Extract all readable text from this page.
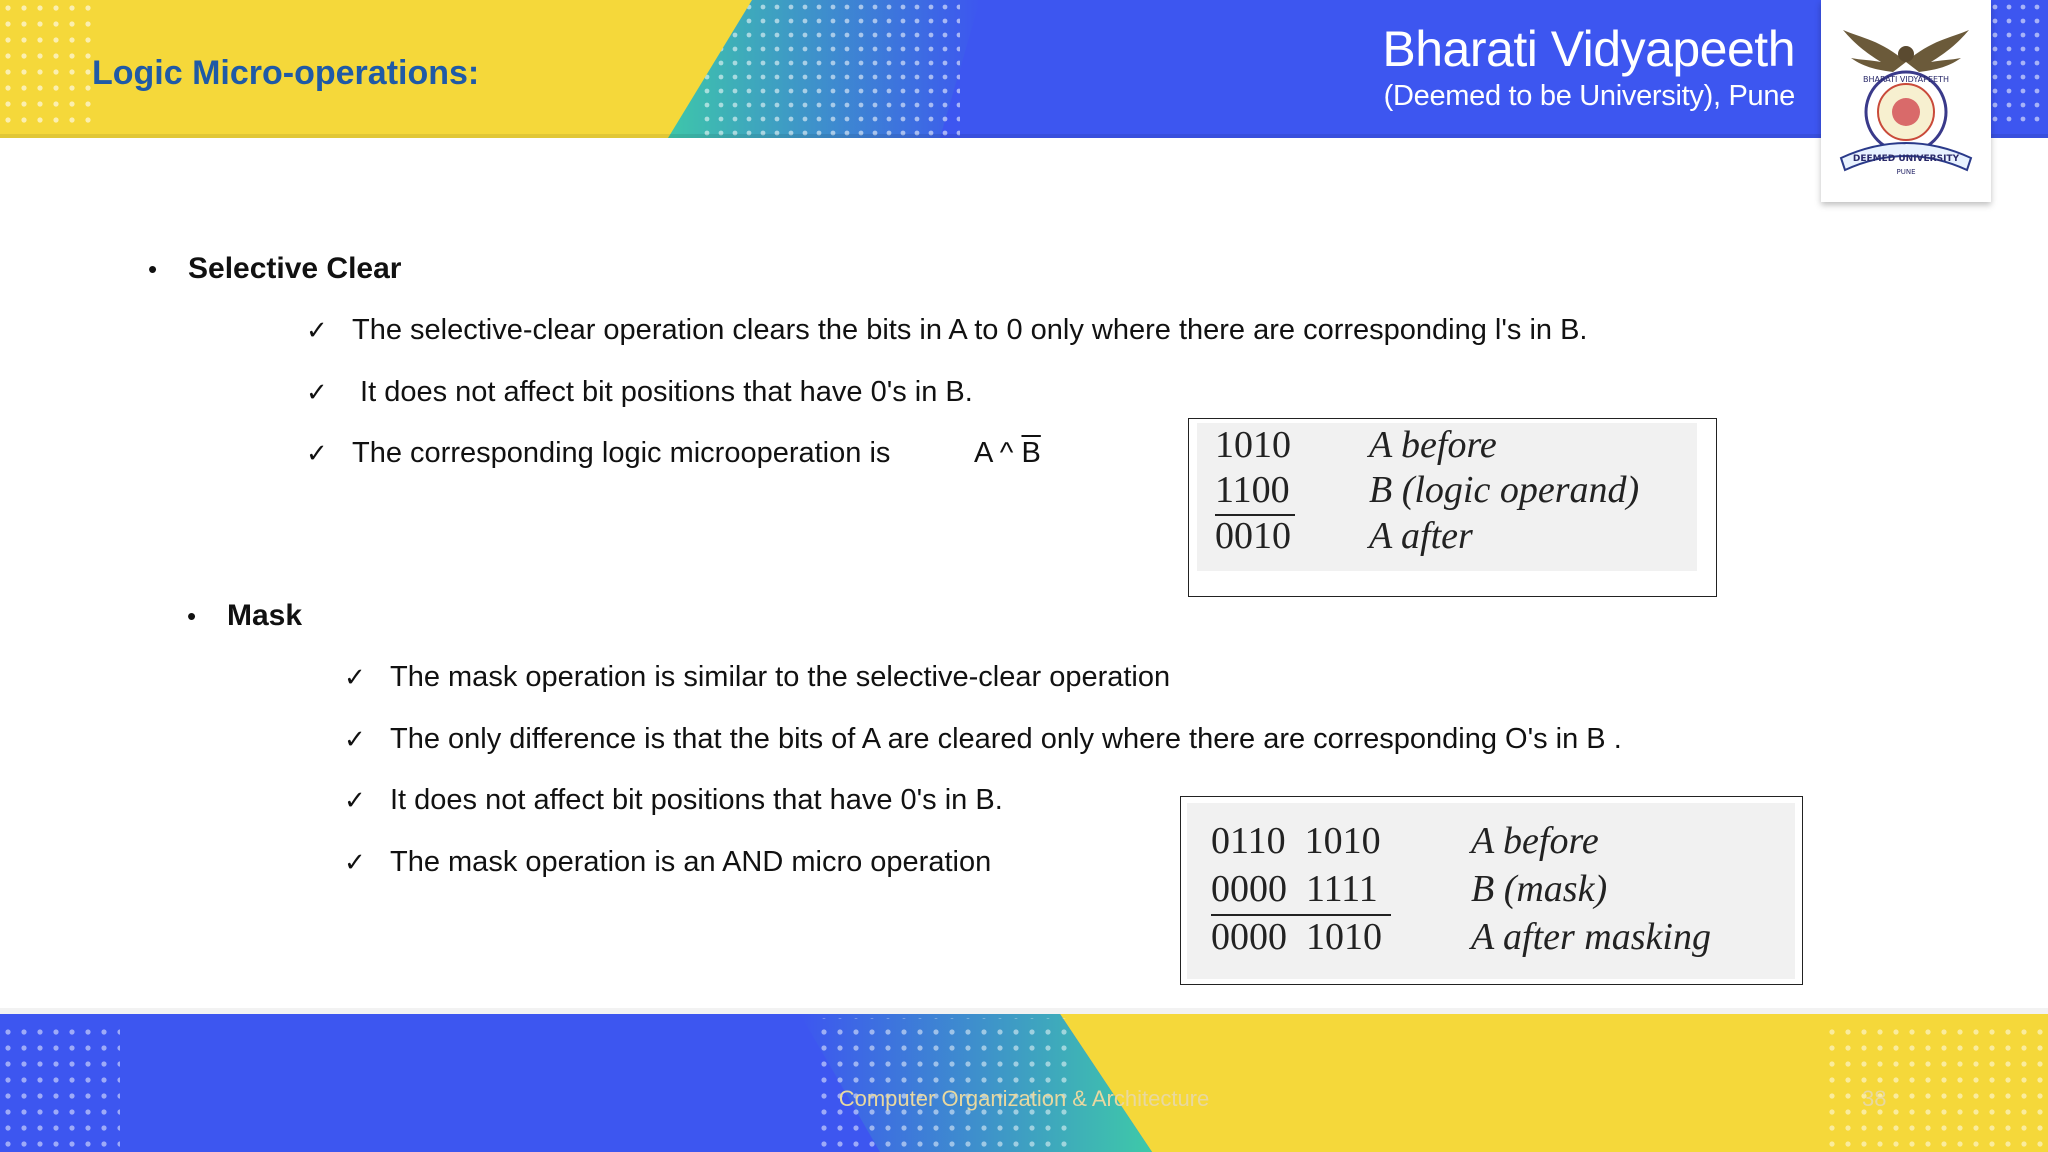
Logic Micro-operations:	Bharati Vidyapeeth
(Deemed to be University), Pune
BHARATI VIDYAPEETH
DEEMED UNIVERSITY
PUNE
•	Selective Clear
✓ The selective-clear operation clears the bits in A to 0 only where there are corresponding l's in B.
✓ It does not affect bit positions that have 0's in B.
✓ The corresponding logic microoperation is	A ^ $\overline{B}$	1010 A before
1100 B (logic operand)
0010 A after
•	Mask
✓ The mask operation is similar to the selective-clear operation
✓ The only difference is that the bits of A are cleared only where there are corresponding O's in B .
✓ It does not affect bit positions that have 0's in B.
✓ The mask operation is an AND micro operation	0110  1010 A before
0000  1111 B (mask)
0000  1010 A after masking
Computer Organization & Architecture	38
